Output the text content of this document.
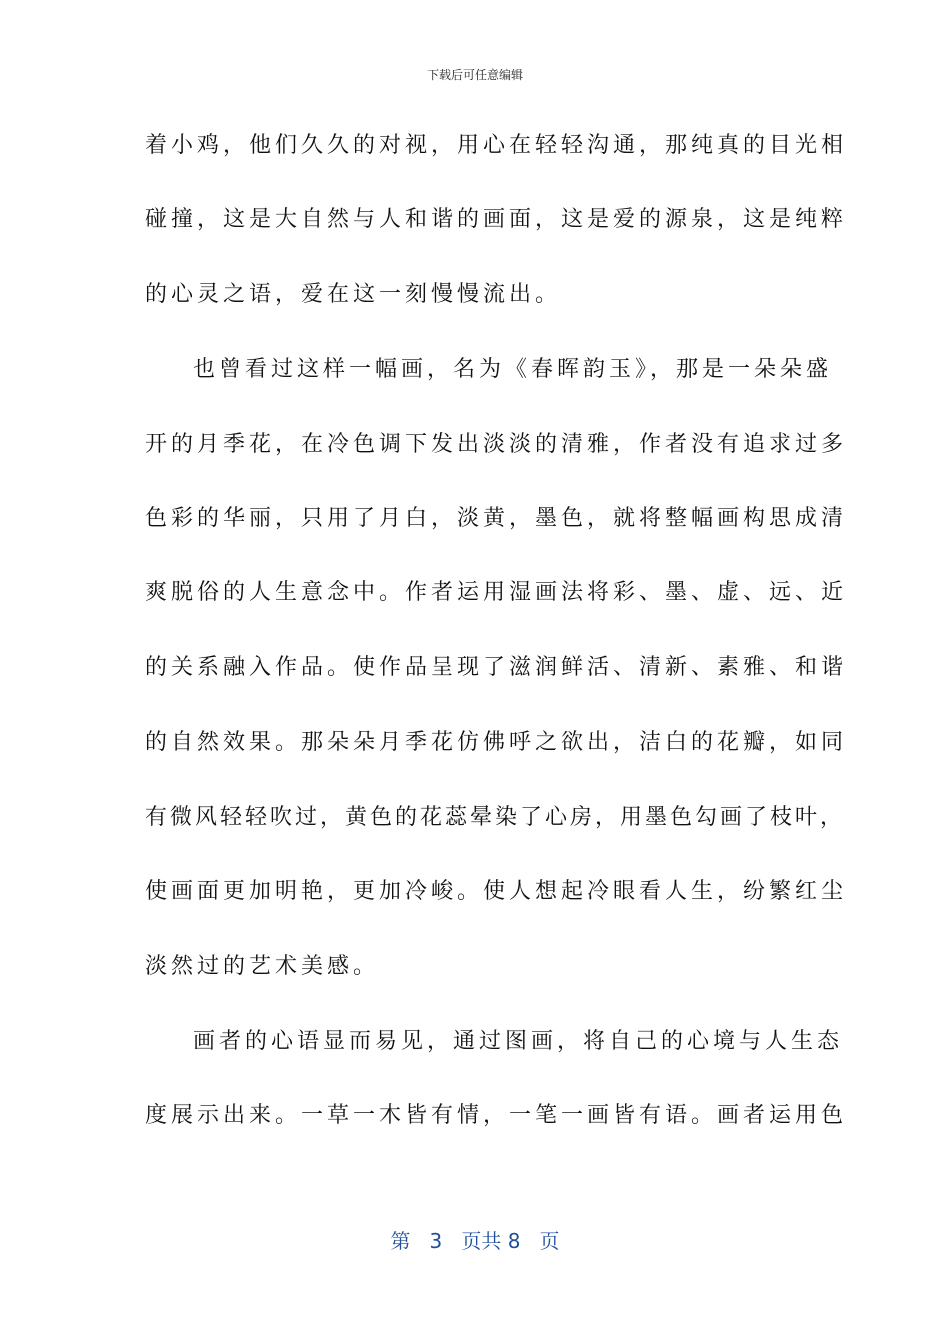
下载后可任意编辑
着小鸡，他们久久的对视，用心在轻轻沟通，那纯真的目光相
碰撞，这是大自然与人和谐的画面，这是爱的源泉，这是纯粹
的心灵之语，爱在这一刻慢慢流出。
也曾看过这样一幅画，名为《春晖韵玉》，那是一朵朵盛
开的月季花，在冷色调下发出淡淡的清雅，作者没有追求过多
色彩的华丽，只用了月白，淡黄，墨色，就将整幅画构思成清
爽脱俗的人生意念中。作者运用湿画法将彩、墨、虚、远、近
的关系融入作品。使作品呈现了滋润鲜活、清新、素雅、和谐
的自然效果。那朵朵月季花仿佛呼之欲出，洁白的花瓣，如同
有微风轻轻吹过，黄色的花蕊晕染了心房，用墨色勾画了枝叶，
使画面更加明艳，更加冷峻。使人想起冷眼看人生，纷繁红尘
淡然过的艺术美感。
画者的心语显而易见，通过图画，将自己的心境与人生态
度展示出来。一草一木皆有情，一笔一画皆有语。画者运用色
第 3 页共 8 页
